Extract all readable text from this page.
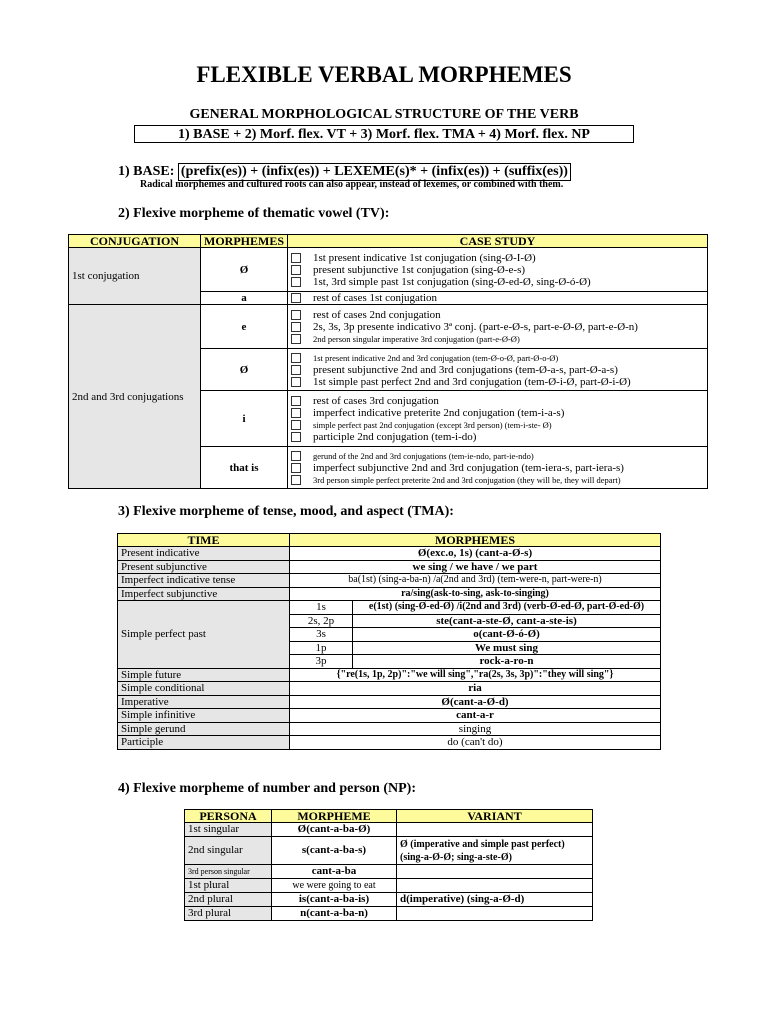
FLEXIBLE VERBAL MORPHEMES
GENERAL MORPHOLOGICAL STRUCTURE OF THE VERB
1) BASE + 2) Morf. flex. VT + 3) Morf. flex. TMA + 4) Morf. flex. NP
1) BASE: (prefix(es)) + (infix(es)) + LEXEME(s)* + (infix(es)) + (suffix(es))
Radical morphemes and cultured roots can also appear, instead of lexemes, or combined with them.
2) Flexive morpheme of thematic vowel (TV):
CONJUGATION	MORPHEMES	CASE STUDY
1st conjugation	Ø	1st present indicative 1st conjugation (sing-Ø-I-Ø)
present subjunctive 1st conjugation (sing-Ø-e-s)
1st, 3rd simple past 1st conjugation (sing-Ø-ed-Ø, sing-Ø-ó-Ø)

	a	rest of cases 1st conjugation

2nd and 3rd conjugations	e	rest of cases 2nd conjugation
2s, 3s, 3p presente indicativo 3ª conj. (part-e-Ø-s, part-e-Ø-Ø, part-e-Ø-n)
2nd person singular imperative 3rd conjugation (part-e-Ø-Ø)

	Ø	1st present indicative 2nd and 3rd conjugation (tem-Ø-o-Ø, part-Ø-o-Ø)
present subjunctive 2nd and 3rd conjugations (tem-Ø-a-s, part-Ø-a-s)
1st simple past perfect 2nd and 3rd conjugation (tem-Ø-i-Ø, part-Ø-i-Ø)

	i	rest of cases 3rd conjugation
imperfect indicative preterite 2nd conjugation (tem-i-a-s)
simple perfect past 2nd conjugation (except 3rd person) (tem-i-ste- Ø)
participle 2nd conjugation (tem-i-do)

	that is	gerund of the 2nd and 3rd conjugations (tem-ie-ndo, part-ie-ndo)
imperfect subjunctive 2nd and 3rd conjugation (tem-iera-s, part-iera-s)
3rd person simple perfect preterite 2nd and 3rd conjugation (they will be, they will depart)
3) Flexive morpheme of tense, mood, and aspect (TMA):
TIME	MORPHEMES	
Present indicative	Ø(exc.o, 1s) (cant-a-Ø-s)	
Present subjunctive	we sing / we have / we part	
Imperfect indicative tense	ba(1st) (sing-a-ba-n) /a(2nd and 3rd) (tem-were-n, part-were-n)	
Imperfect subjunctive	ra/sing(ask-to-sing, ask-to-singing)	
Simple perfect past	1s	e(1st) (sing-Ø-ed-Ø) /i(2nd and 3rd) (verb-Ø-ed-Ø, part-Ø-ed-Ø)
	2s, 2p	ste(cant-a-ste-Ø, cant-a-ste-is)
	3s	o(cant-Ø-ó-Ø)
	1p	We must sing
	3p	rock-a-ro-n
Simple future	{"re(1s, 1p, 2p)":"we will sing","ra(2s, 3s, 3p)":"they will sing"}	
Simple conditional	ria	
Imperative	Ø(cant-a-Ø-d)	
Simple infinitive	cant-a-r	
Simple gerund	singing	
Participle	do (can't do)	
4) Flexive morpheme of number and person (NP):
PERSONA	MORPHEME	VARIANT
1st singular	Ø(cant-a-ba-Ø)	
2nd singular	s(cant-a-ba-s)	Ø (imperative and simple past perfect) (sing-a-Ø-Ø; sing-a-ste-Ø)
3rd person singular	cant-a-ba	
1st plural	we were going to eat	
2nd plural	is(cant-a-ba-is)	d(imperative) (sing-a-Ø-d)
3rd plural	n(cant-a-ba-n)	
